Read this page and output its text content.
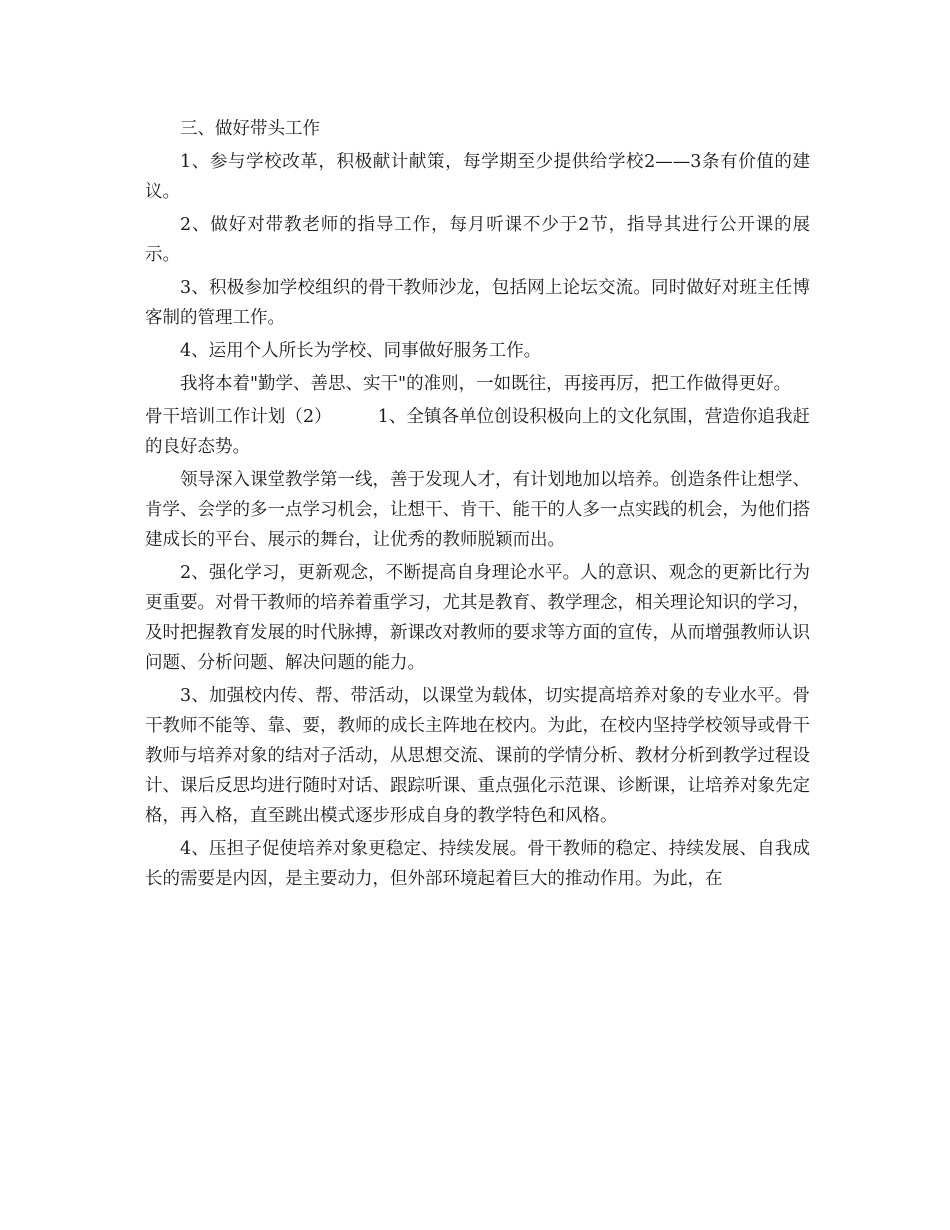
三、做好带头工作

1、参与学校改革，积极献计献策，每学期至少提供给学校2——3条有价值的建议。

2、做好对带教老师的指导工作，每月听课不少于2节，指导其进行公开课的展示。

3、积极参加学校组织的骨干教师沙龙，包括网上论坛交流。同时做好对班主任博客制的管理工作。

4、运用个人所长为学校、同事做好服务工作。

我将本着"勤学、善思、实干"的准则，一如既往，再接再厉，把工作做得更好。

骨干培训工作计划（2）	1、全镇各单位创设积极向上的文化氛围，营造你追我赶的良好态势。

领导深入课堂教学第一线，善于发现人才，有计划地加以培养。创造条件让想学、肯学、会学的多一点学习机会，让想干、肯干、能干的人多一点实践的机会，为他们搭建成长的平台、展示的舞台，让优秀的教师脱颖而出。

2、强化学习，更新观念，不断提高自身理论水平。人的意识、观念的更新比行为更重要。对骨干教师的培养着重学习，尤其是教育、教学理念，相关理论知识的学习，及时把握教育发展的时代脉搏，新课改对教师的要求等方面的宣传，从而增强教师认识问题、分析问题、解决问题的能力。

3、加强校内传、帮、带活动，以课堂为载体，切实提高培养对象的专业水平。骨干教师不能等、靠、要，教师的成长主阵地在校内。为此，在校内坚持学校领导或骨干教师与培养对象的结对子活动，从思想交流、课前的学情分析、教材分析到教学过程设计、课后反思均进行随时对话、跟踪听课、重点强化示范课、诊断课，让培养对象先定格，再入格，直至跳出模式逐步形成自身的教学特色和风格。

4、压担子促使培养对象更稳定、持续发展。骨干教师的稳定、持续发展、自我成长的需要是内因，是主要动力，但外部环境起着巨大的推动作用。为此，在
